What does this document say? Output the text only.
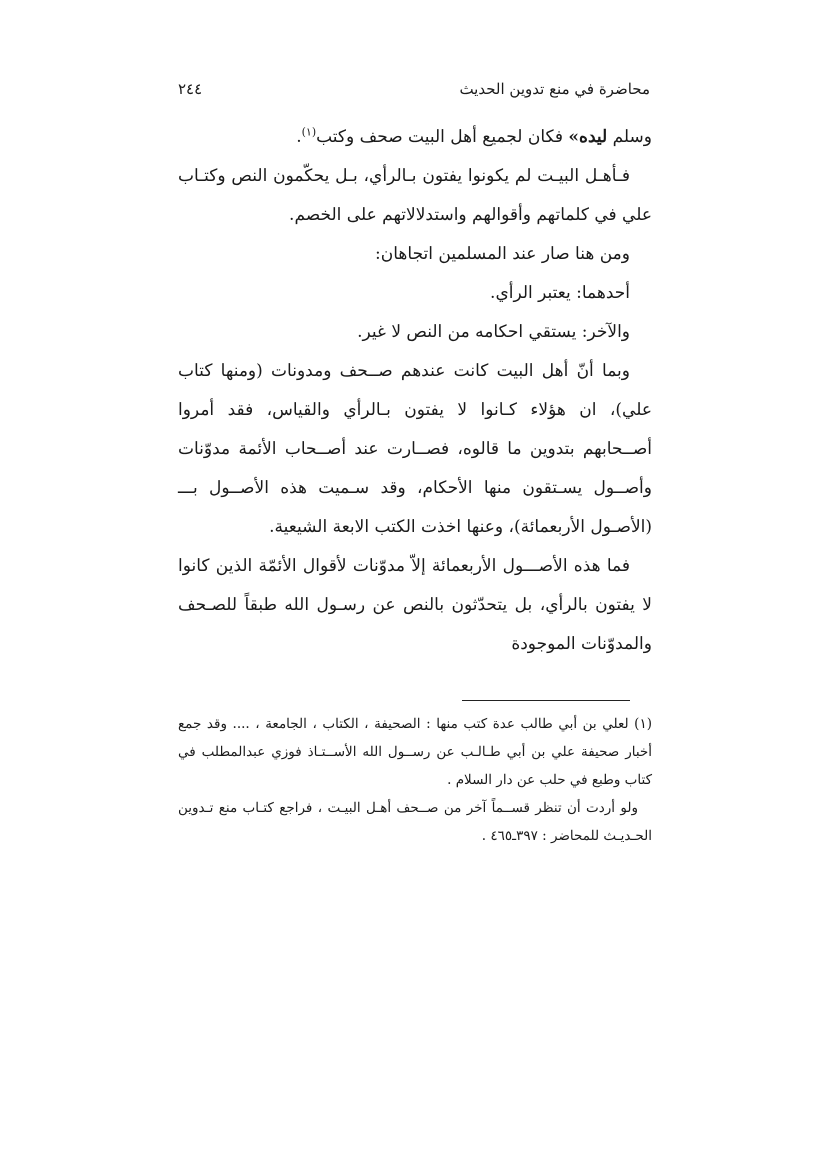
محاضرة في منع تدوين الحديث
٢٤٤

وسلم ليده» فكان لجميع أهل البيت صحف وكتب$^{(١)}$.

فـأهـل البيـت لم يكونوا يفتون بـالرأي، بـل يحكّمون النص وكتـاب علي في كلماتهم وأقوالهم واستدلالاتهم على الخصم.

ومن هنا صار عند المسلمين اتجاهان:

أحدهما: يعتبر الرأي.

والآخر: يستقي احكامه من النص لا غير.

وبما أنّ أهل البيت كانت عندهم صــحف ومدونات (ومنها كتاب علي)، ان هؤلاء كـانوا لا يفتون بـالرأي والقياس، فقد أمروا أصــحابهم بتدوين ما قالوه، فصــارت عند أصــحاب الأئمة مدوّنات وأصــول يسـتقون منها الأحكام، وقد سـميت هذه الأصــول بـــ (الأصـول الأربعمائة)، وعنها اخذت الكتب الابعة الشيعية.

فما هذه الأصـــول الأربعمائة إلاّ مدوّنات لأقوال الأئمّة الذين كانوا لا يفتون بالرأي، بل يتحدّثون بالنص عن رسـول الله طبقاً للصـحف والمدوّنات الموجودة

(١) لعلي بن أبي طالب عدة كتب منها : الصحيفة ، الكتاب ، الجامعة ، .... وقد جمع أخبار صحيفة علي بن أبي طـالـب عن رســول الله الأســتـاذ فوزي عبدالمطلب في كتاب وطبع في حلب عن دار السلام .

ولو أردت أن تنظر قســماً آخر من صــحف أهـل البيـت ، فراجع كتـاب منع تـدوين الحـديـث للمحاضر : ٣٩٧ـ٤٦٥ .
